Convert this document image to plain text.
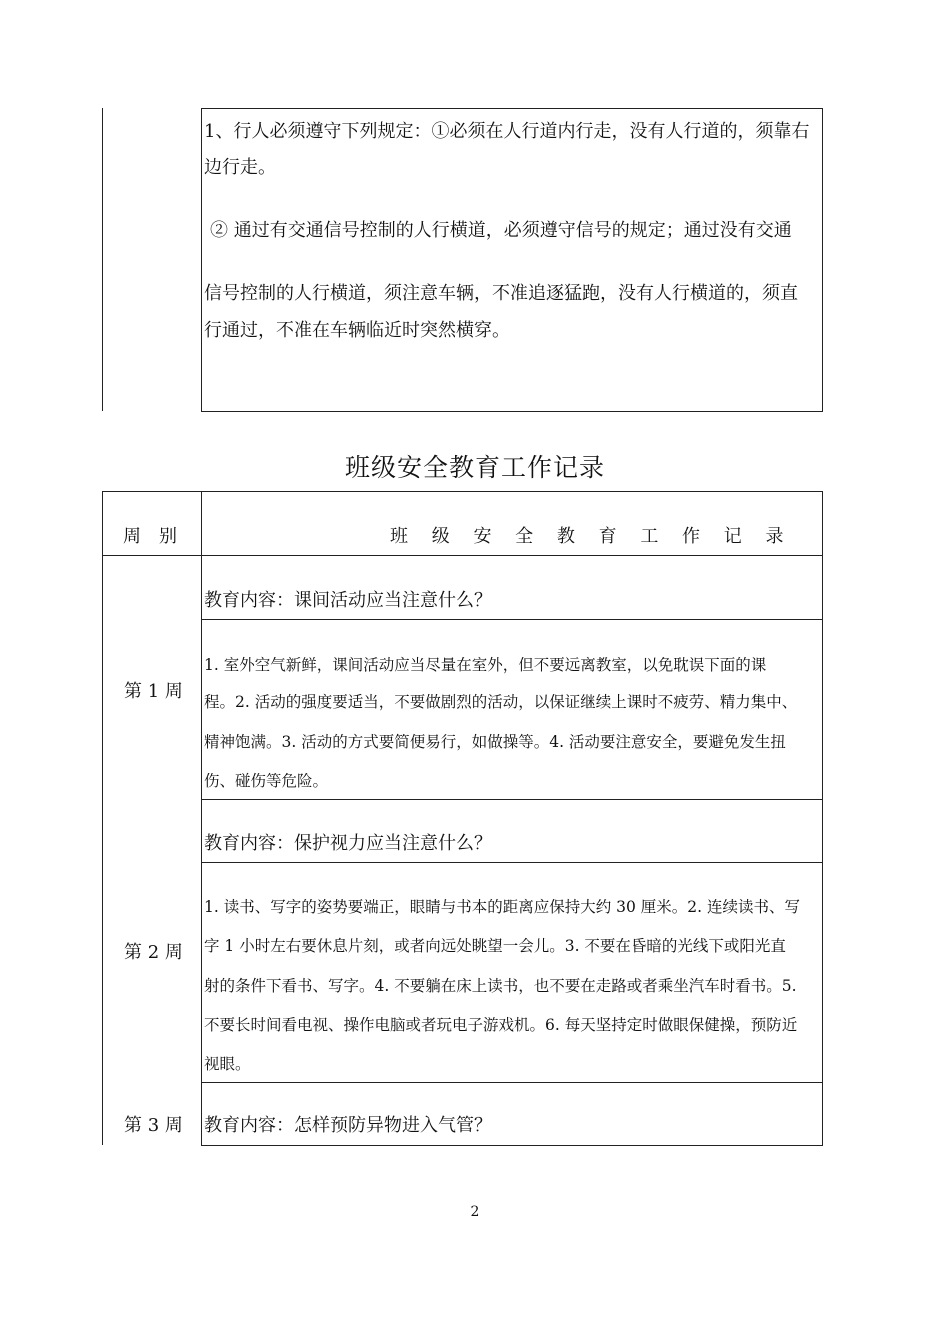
1、行人必须遵守下列规定：①必须在人行道内行走，没有人行道的，须靠右
边行走。
② 通过有交通信号控制的人行横道，必须遵守信号的规定；通过没有交通
信号控制的人行横道，须注意车辆，不准追逐猛跑，没有人行横道的，须直
行通过，不准在车辆临近时突然横穿。
班级安全教育工作记录
周　别	班 级 安 全 教 育 工 作 记 录
第 1 周
教育内容：课间活动应当注意什么？
1. 室外空气新鲜，课间活动应当尽量在室外，但不要远离教室，以免耽误下面的课
程。2. 活动的强度要适当，不要做剧烈的活动，以保证继续上课时不疲劳、精力集中、
精神饱满。3. 活动的方式要简便易行，如做操等。4. 活动要注意安全，要避免发生扭
伤、碰伤等危险。
第 2 周
教育内容：保护视力应当注意什么？
1. 读书、写字的姿势要端正，眼睛与书本的距离应保持大约 30 厘米。2. 连续读书、写
字 1 小时左右要休息片刻，或者向远处眺望一会儿。3. 不要在昏暗的光线下或阳光直
射的条件下看书、写字。4. 不要躺在床上读书，也不要在走路或者乘坐汽车时看书。5.
不要长时间看电视、操作电脑或者玩电子游戏机。6. 每天坚持定时做眼保健操，预防近
视眼。
第 3 周 教育内容：怎样预防异物进入气管？
2
